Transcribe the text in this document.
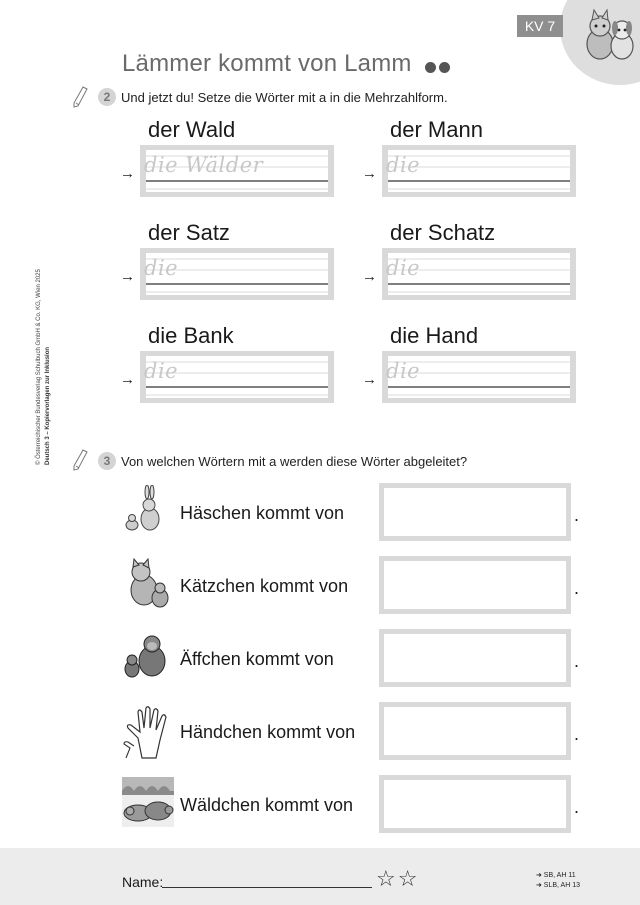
KV 7
Lämmer kommt von Lamm
© Österreichischer Bundesverlag Schulbuch GmbH & Co. KG, Wien 2025 Deutsch 3 – Kopiervorlagen zur Inklusion
2 Und jetzt du! Setze die Wörter mit a in die Mehrzahlform.
der Wald
→ die Wälder
der Mann
→ die
der Satz
→ die
der Schatz
→ die
die Bank
→ die
die Hand
→ die
3 Von welchen Wörtern mit a werden diese Wörter abgeleitet?
Häschen kommt von	.
Kätzchen kommt von	.
Äffchen kommt von	.
Händchen kommt von	.
Wäldchen kommt von	.
Name:	☆☆	➜ SB, AH 11
➜ SLB, AH 13
